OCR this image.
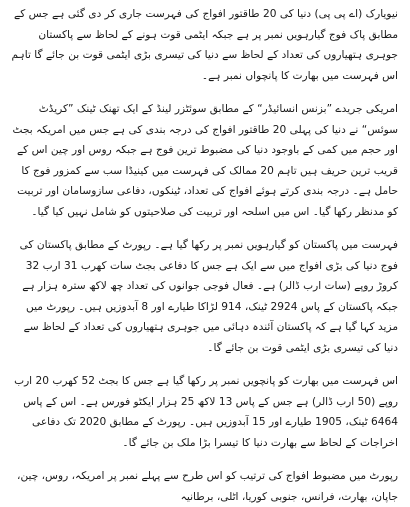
نیویارک (اے پی پی) دنیا کی 20 طاقتور افواج کی فہرست جاری کر دی گئی ہے جس کے مطابق پاک فوج گیارہویں نمبر پر ہے جبکہ ایٹمی قوت ہونے کے لحاظ سے پاکستان جوہری ہتھیاروں کی تعداد کے لحاظ سے دنیا کی تیسری بڑی ایٹمی قوت بن جائے گا تاہم اس فہرست میں بھارت کا پانچواں نمبر ہے۔

امریکی جریدے ”بزنس انسائیڈر“ کے مطابق سوئٹزر لینڈ کے ایک تھنک ٹینک ”کریڈٹ سوئس“ نے دنیا کی پہلی 20 طاقتور افواج کی درجہ بندی کی ہے جس میں امریکہ بجٹ اور حجم میں کمی کے باوجود دنیا کی مضبوط ترین فوج ہے جبکہ روس اور چین اس کے قریب ترین حریف ہیں تاہم 20 ممالک کی فہرست میں کینیڈا سب سے کمزور فوج کا حامل ہے۔ درجہ بندی کرتے ہوئے افواج کی تعداد، ٹینکوں، دفاعی سازوسامان اور تربیت کو مدنظر رکھا گیا۔ اس میں اسلحہ اور تربیت کی صلاحیتوں کو شامل نہیں کیا گیا۔

فہرست میں پاکستان کو گیارہویں نمبر پر رکھا گیا ہے۔ رپورٹ کے مطابق پاکستان کی فوج دنیا کی بڑی افواج میں سے ایک ہے جس کا دفاعی بجٹ سات کھرب 31 ارب 32 کروڑ روپے (سات ارب ڈالر) ہے۔ فعال فوجی جوانوں کی تعداد چھ لاکھ سترہ ہزار ہے جبکہ پاکستان کے پاس 2924 ٹینک، 914 لڑاکا طیارے اور 8 آبدوزیں ہیں۔ رپورٹ میں مزید کہا گیا ہے کہ پاکستان آئندہ دہائی میں جوہری ہتھیاروں کی تعداد کے لحاظ سے دنیا کی تیسری بڑی ایٹمی قوت بن جائے گا۔

اس فہرست میں بھارت کو پانچویں نمبر پر رکھا گیا ہے جس کا بجٹ 52 کھرب 20 ارب روپے (50 ارب ڈالر) ہے جس کے پاس 13 لاکھ 25 ہزار ایکٹو فورس ہے۔ اس کے پاس 6464 ٹینک، 1905 طیارے اور 15 آبدوزیں ہیں۔ رپورٹ کے مطابق 2020 تک دفاعی اخراجات کے لحاظ سے بھارت دنیا کا تیسرا بڑا ملک بن جائے گا۔

رپورٹ میں مضبوط افواج کی ترتیب کو اس طرح سے پہلے نمبر پر امریکہ، روس، چین، جاپان، بھارت، فرانس، جنوبی کوریا، اٹلی، برطانیہ
